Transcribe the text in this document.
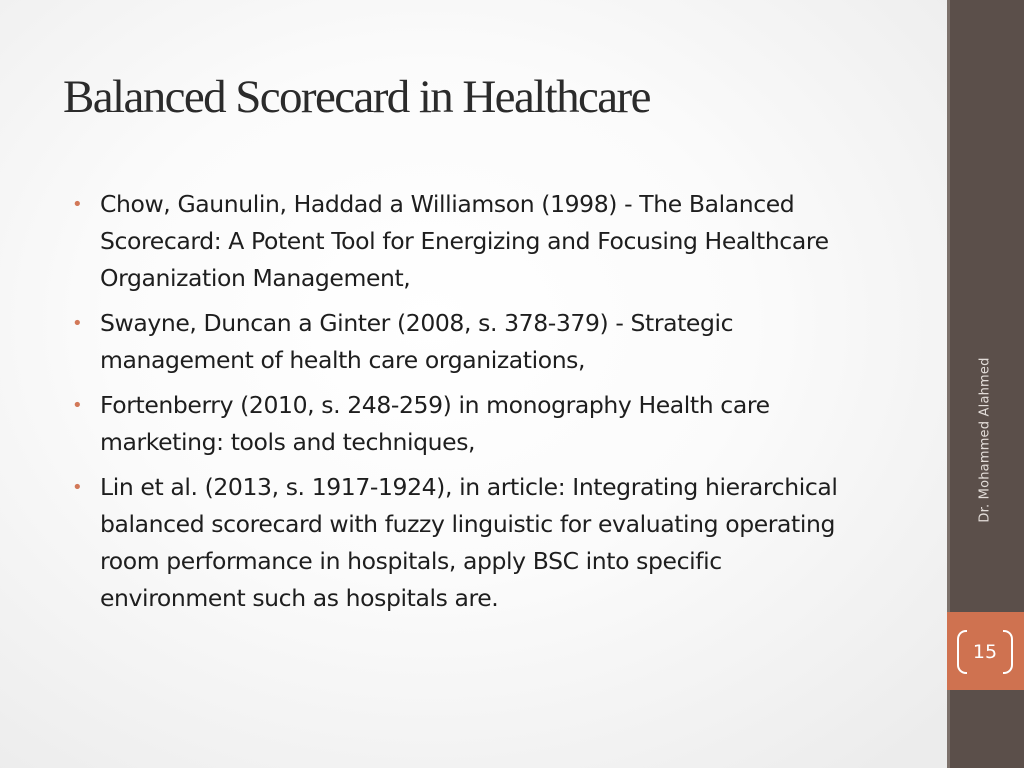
Balanced Scorecard in Healthcare
• Chow, Gaunulin, Haddad a Williamson (1998) - The Balanced Scorecard: A Potent Tool for Energizing and Focusing Healthcare Organization Management,
• Swayne, Duncan a Ginter (2008, s. 378-379) - Strategic management of health care organizations,
• Fortenberry (2010, s. 248-259) in monography Health care marketing: tools and techniques,
• Lin et al. (2013, s. 1917-1924), in article: Integrating hierarchical balanced scorecard with fuzzy linguistic for evaluating operating room performance in hospitals, apply BSC into specific environment such as hospitals are.
Dr. Mohammed Alahmed
15
